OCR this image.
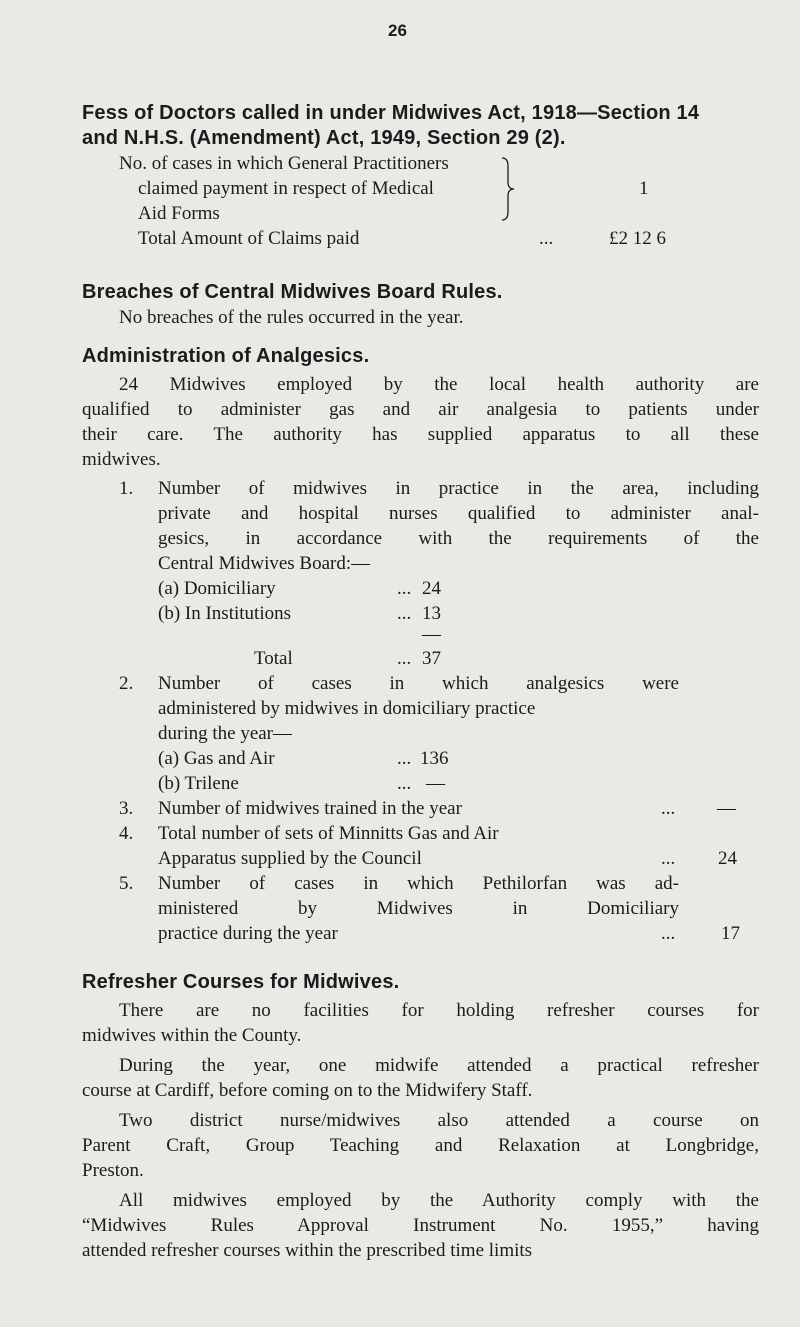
26
Fess of Doctors called in under Midwives Act, 1918—Section 14
and N.H.S. (Amendment) Act, 1949, Section 29 (2).
No. of cases in which General Practitioners
claimed payment in respect of Medical
Aid Forms
1
Total Amount of Claims paid	...	£2 12 6
Breaches of Central Midwives Board Rules.
No breaches of the rules occurred in the year.
Administration of Analgesics.
24 Midwives employed by the local health authority are
qualified to administer gas and air analgesia to patients under
their care. The authority has supplied apparatus to all these
midwives.
1. Number of midwives in practice in the area, including
private and hospital nurses qualified to administer anal-
gesics, in accordance with the requirements of the
Central Midwives Board:—
(a) Domiciliary	... 24
(b) In Institutions	... 13
—
Total	... 37
2. Number of cases in which analgesics were
administered by midwives in domiciliary practice
during the year—
(a) Gas and Air	... 136
(b) Trilene	... —
3. Number of midwives trained in the year	... —
4. Total number of sets of Minnitts Gas and Air
Apparatus supplied by the Council	... 24
5. Number of cases in which Pethilorfan was ad-
ministered by Midwives in Domiciliary
practice during the year	... 17
Refresher Courses for Midwives.
There are no facilities for holding refresher courses for
midwives within the County.
During the year, one midwife attended a practical refresher
course at Cardiff, before coming on to the Midwifery Staff.
Two district nurse/midwives also attended a course on
Parent Craft, Group Teaching and Relaxation at Longbridge,
Preston.
All midwives employed by the Authority comply with the
“Midwives Rules Approval Instrument No. 1955,” having
attended refresher courses within the prescribed time limits
